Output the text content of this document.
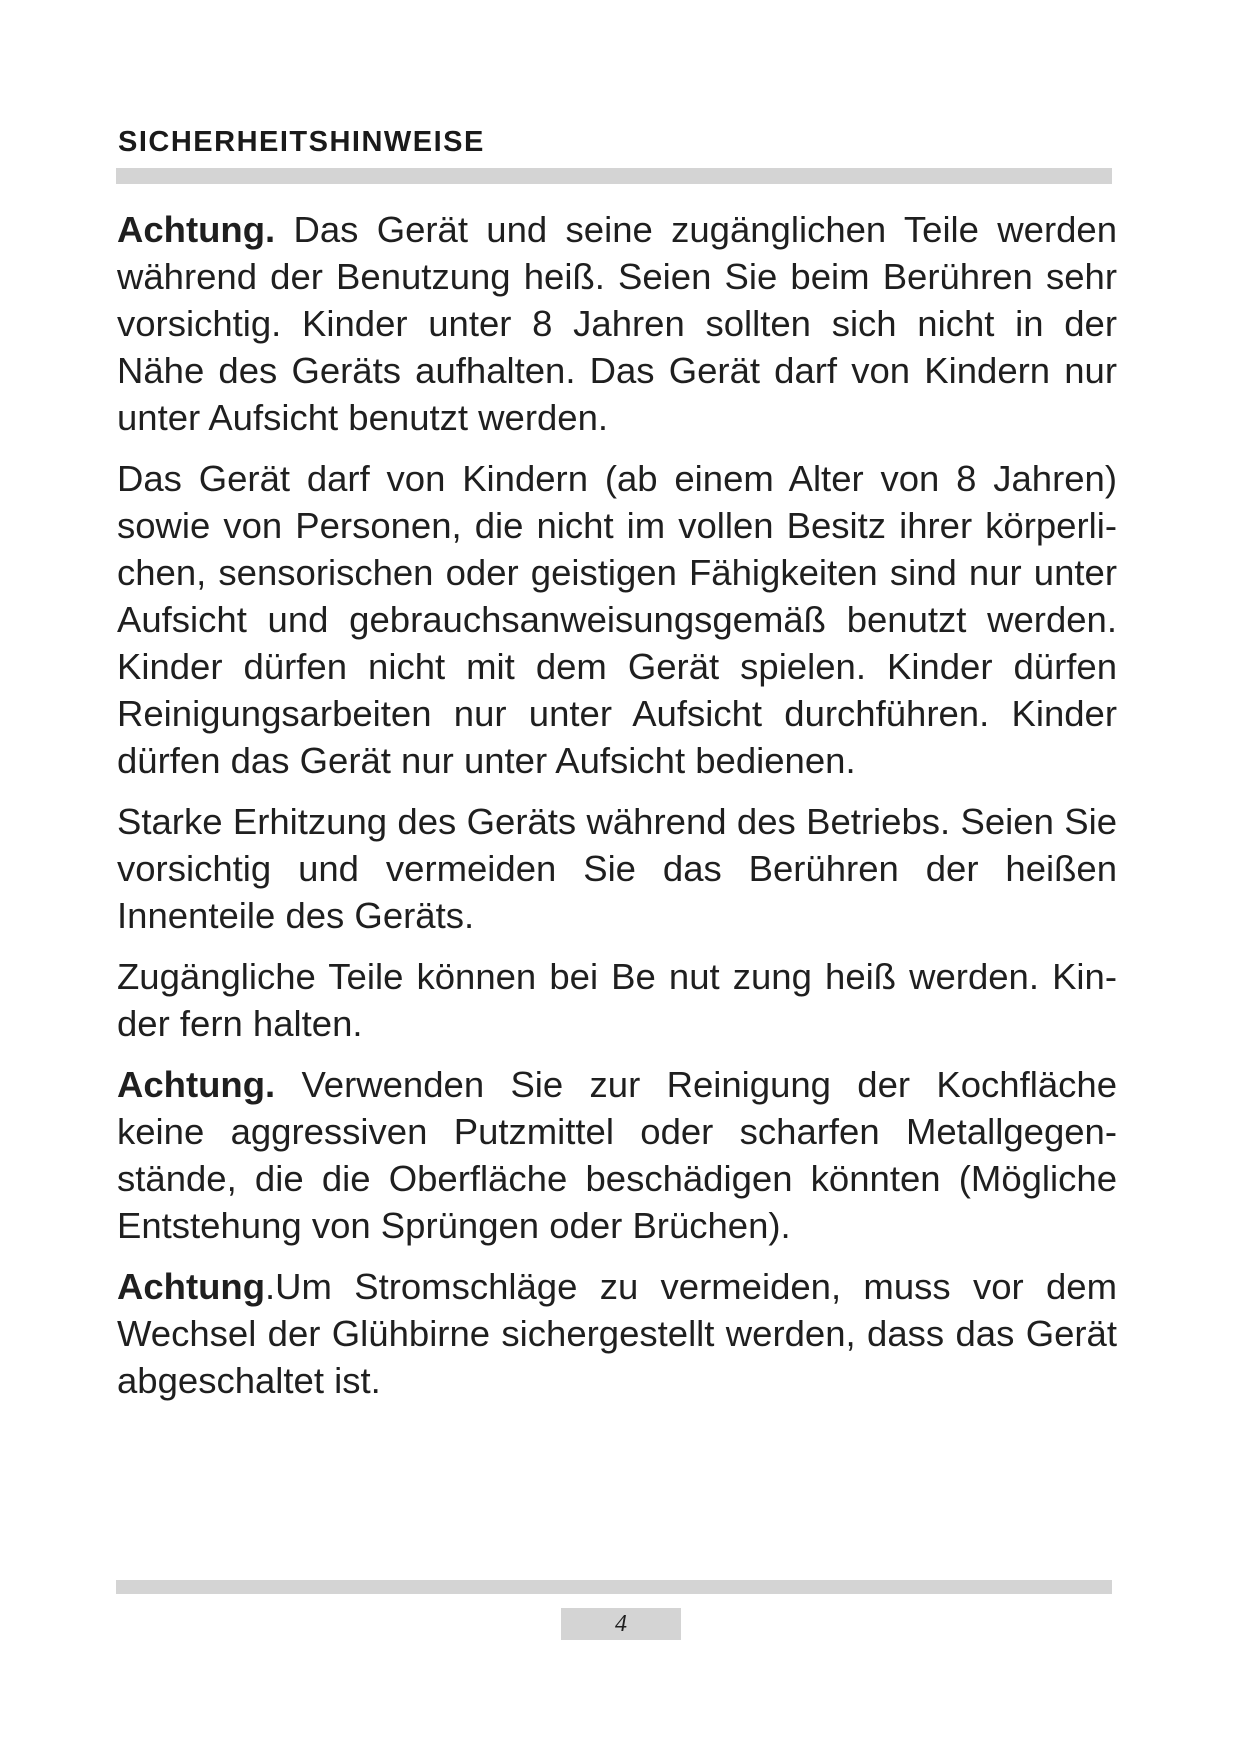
SICHERHEITSHINWEISE

Achtung. Das Gerät und seine zugänglichen Teile werden während der Benutzung heiß. Seien Sie beim Berühren sehr vorsichtig. Kinder unter 8 Jahren sollten sich nicht in der Nähe des Geräts aufhalten. Das Gerät darf von Kindern nur unter Aufsicht benutzt werden.

Das Gerät darf von Kindern (ab einem Alter von 8 Jahren) sowie von Personen, die nicht im vollen Besitz ihrer körperli-chen, sensorischen oder geistigen Fähigkeiten sind nur unter Aufsicht und gebrauchsanweisungsgemäß benutzt werden. Kinder dürfen nicht mit dem Gerät spielen. Kinder dürfen Reinigungsarbeiten nur unter Aufsicht durchführen. Kinder dürfen das Gerät nur unter Aufsicht bedienen.

Starke Erhitzung des Geräts während des Betriebs. Seien Sie vorsichtig und vermeiden Sie das Berühren der heißen Innenteile des Geräts.

Zugängliche Teile können bei Be nut zung heiß werden. Kin-der fern halten.

Achtung. Verwenden Sie zur Reinigung der Kochfläche keine aggressiven Putzmittel oder scharfen Metallgegen-stände, die die Oberfläche beschädigen könnten (Mögliche Entstehung von Sprüngen oder Brüchen).

Achtung.Um Stromschläge zu vermeiden, muss vor dem Wechsel der Glühbirne sichergestellt werden, dass das Gerät abgeschaltet ist.

4
